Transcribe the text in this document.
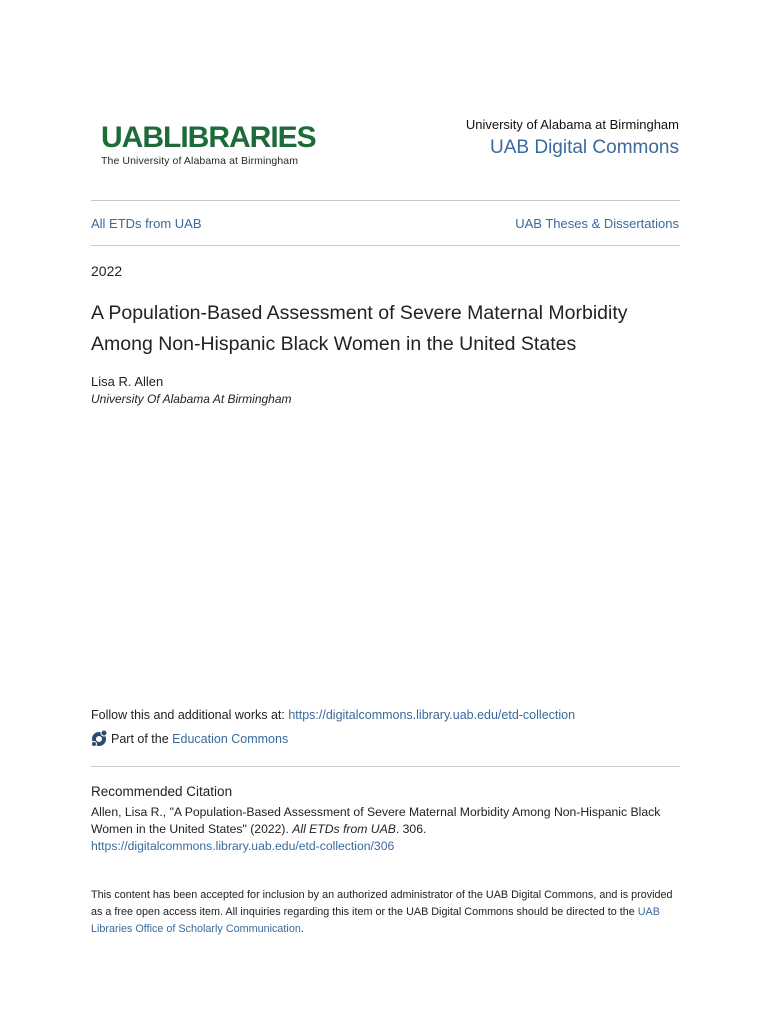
UABLIBRARIES
The University of Alabama at Birmingham
University of Alabama at Birmingham
UAB Digital Commons
All ETDs from UAB	UAB Theses & Dissertations
2022
A Population-Based Assessment of Severe Maternal Morbidity Among Non-Hispanic Black Women in the United States
Lisa R. Allen
University Of Alabama At Birmingham
Follow this and additional works at: https://digitalcommons.library.uab.edu/etd-collection
Part of the
Education Commons
Recommended Citation
Allen, Lisa R., "A Population-Based Assessment of Severe Maternal Morbidity Among Non-Hispanic Black Women in the United States" (2022). All ETDs from UAB. 306.
https://digitalcommons.library.uab.edu/etd-collection/306
This content has been accepted for inclusion by an authorized administrator of the UAB Digital Commons, and is provided as a free open access item. All inquiries regarding this item or the UAB Digital Commons should be directed to the UAB Libraries Office of Scholarly Communication.
